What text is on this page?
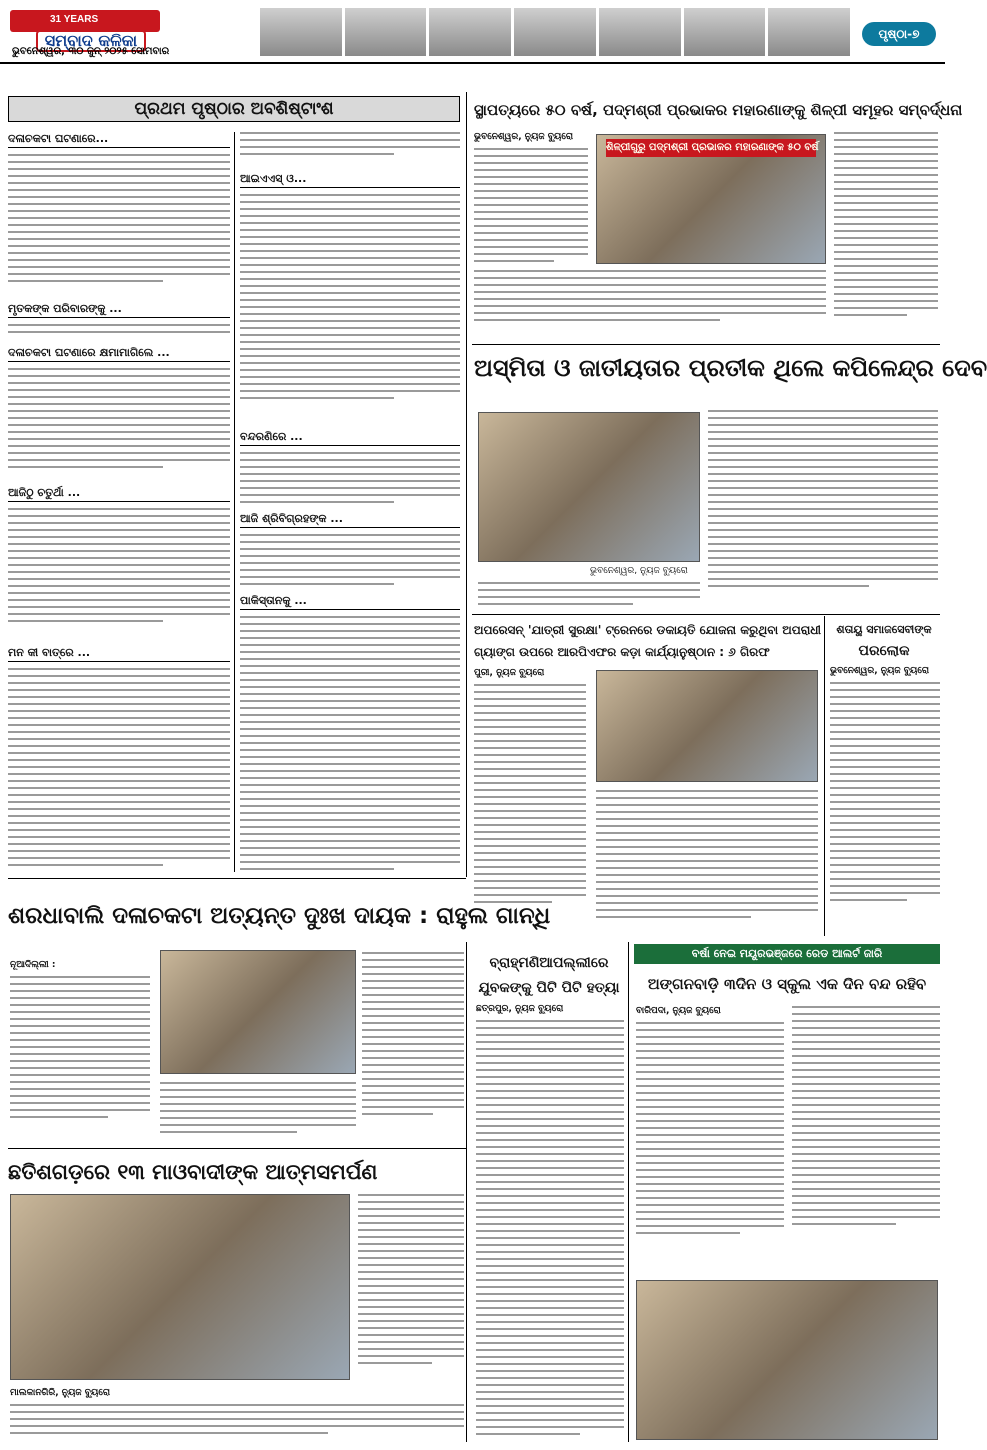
31 YEARS
ସମ୍ବାଦ କଳିକା
ଭୁବନେଶ୍ୱର, ୩୦ ଜୁନ୍ ୨୦୨୫ ସୋମବାର
ପୃଷ୍ଠା-୭
ପ୍ରଥମ ପୃଷ୍ଠାର ଅବଶିଷ୍ଟାଂଶ
ଦଳାଚକଟା ଘଟଣାରେ...
ମୃତକଙ୍କ ପରିବାରଙ୍କୁ ...
ଦଳାଚକଟା ଘଟଣାରେ କ୍ଷମାମାଗିଲେ ...
ଆଜିଠୁ ଚତୁର୍ଥା ...
ମନ କୀ ବାତ୍‌ରେ ...
ଆଇଏଏସ୍ ଓ...
ବନ୍ଦରଣିରେ ...
ଆଜି ଶ୍ରିବିଗ୍ରହଙ୍କ ...
ପାକିସ୍ତାନକୁ ...
ସ୍ଥାପତ୍ୟରେ ୫୦ ବର୍ଷ, ପଦ୍ମଶ୍ରୀ ପ୍ରଭାକର ମହାରଣାଙ୍କୁ ଶିଳ୍ପୀ ସମୂହର ସମ୍ବର୍ଦ୍ଧନା
ଭୁବନେଶ୍ୱର, ନ୍ୟୁଜ ବ୍ୟୁରୋ
ଶିଳ୍ପୀଗୁରୁ ପଦ୍ମଶ୍ରୀ ପ୍ରଭାକର ମହାରଣାଙ୍କ ୫୦ ବର୍ଷ
ଅସ୍ମିତା ଓ ଜାତୀୟତାର ପ୍ରତୀକ ଥିଲେ କପିଳେନ୍ଦ୍ର ଦେବ
ଭୁବନେଶ୍ୱର, ନ୍ୟୁଜ ବ୍ୟୁରୋ
ଅପରେସନ୍ 'ଯାତ୍ରୀ ସୁରକ୍ଷା' ଟ୍ରେନରେ ଡକାୟତି ଯୋଜନା କରୁଥିବା ଅପରାଧୀ
ଗ୍ୟାଙ୍ଗ ଉପରେ ଆରପିଏଫର କଡ଼ା କାର୍ଯ୍ୟାନୁଷ୍ଠାନ : ୬ ଗିରଫ
ପୁରୀ, ନ୍ୟୁଜ ବ୍ୟୁରୋ
ଶତାୟୁ ସମାଜସେବୀଙ୍କ
ପରଲୋକ
ଭୁବନେଶ୍ୱର, ନ୍ୟୁଜ ବ୍ୟୁରୋ
ଶରଧାବାଲି ଦଳାଚକଟା ଅତ୍ୟନ୍ତ ଦୁଃଖ ଦାୟକ : ରାହୁଲ ଗାନ୍ଧି
ନୂଆଦିଲ୍ଲୀ :
ଛତିଶଗଡ଼ରେ ୧୩ ମାଓବାଦୀଙ୍କ ଆତ୍ମସମର୍ପଣ
ମାଲକାନଗିରି, ନ୍ୟୁଜ ବ୍ୟୁରୋ
ବ୍ରାହ୍ମଣିଆପଲ୍ଲୀରେ
ଯୁବକଙ୍କୁ ପିଟି ପିଟି ହତ୍ୟା
ଛତ୍ରପୁର, ନ୍ୟୁଜ ବ୍ୟୁରୋ
ବର୍ଷା ନେଇ ମୟୂରଭଞ୍ଜରେ ରେଡ ଆଲର୍ଟ ଜାରି
ଅଙ୍ଗନବାଡ଼ି ୩ଦିନ ଓ ସ୍କୁଲ ଏକ ଦିନ ବନ୍ଦ ରହିବ
ବାରିପଦା, ନ୍ୟୁଜ ବ୍ୟୁରୋ
